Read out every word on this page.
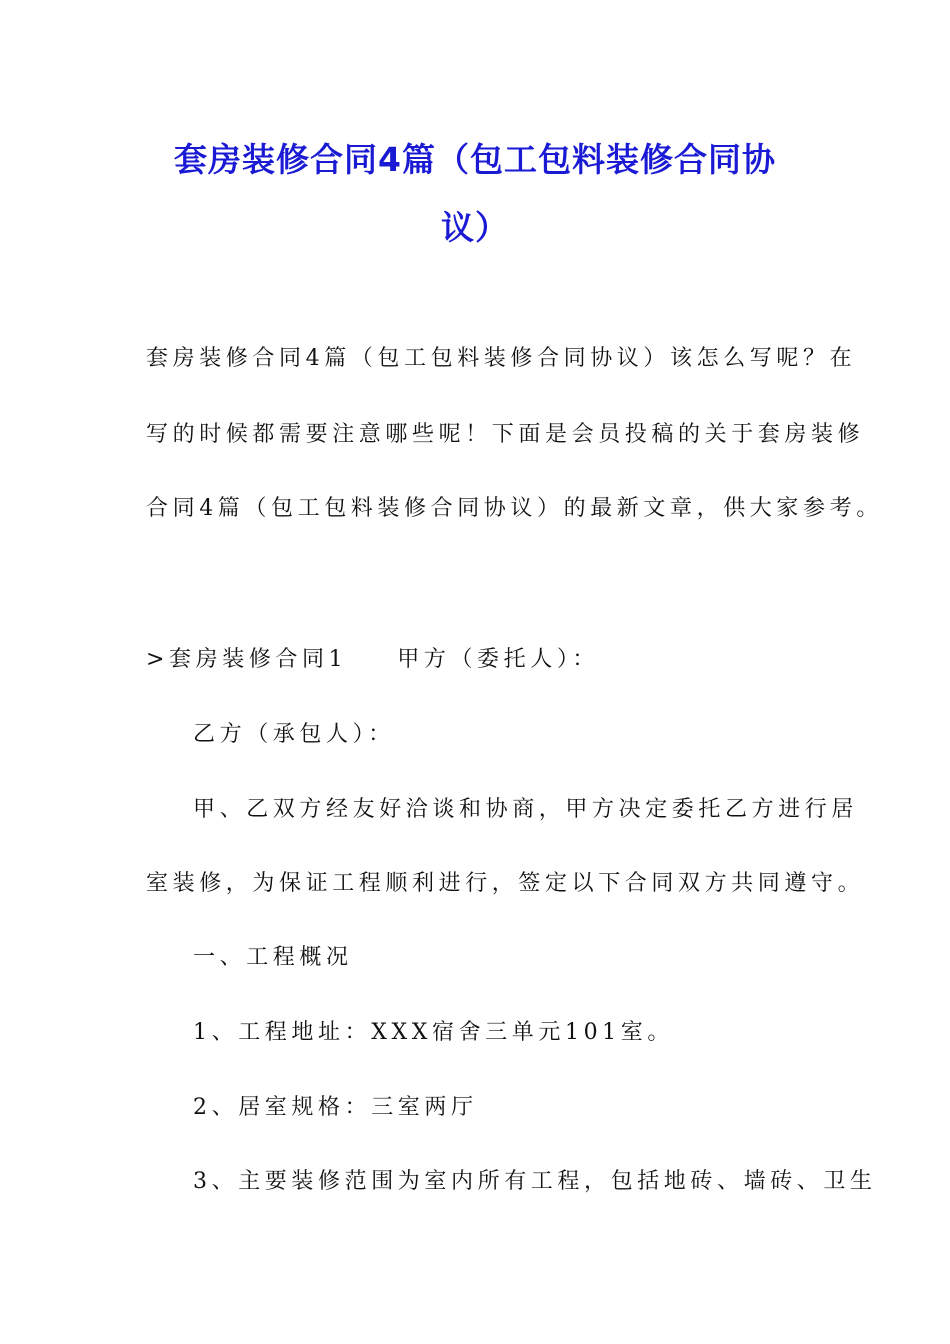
套房装修合同4篇（包工包料装修合同协
议）
套房装修合同4篇（包工包料装修合同协议）该怎么写呢？在
写的时候都需要注意哪些呢！下面是会员投稿的关于套房装修
合同4篇（包工包料装修合同协议）的最新文章，供大家参考。
>套房装修合同1 甲方（委托人）：
乙方（承包人）：
甲、乙双方经友好洽谈和协商，甲方决定委托乙方进行居
室装修，为保证工程顺利进行，签定以下合同双方共同遵守。
一、工程概况
1、工程地址：XXX宿舍三单元101室。
2、居室规格：三室两厅
3、主要装修范围为室内所有工程，包括地砖、墙砖、卫生
